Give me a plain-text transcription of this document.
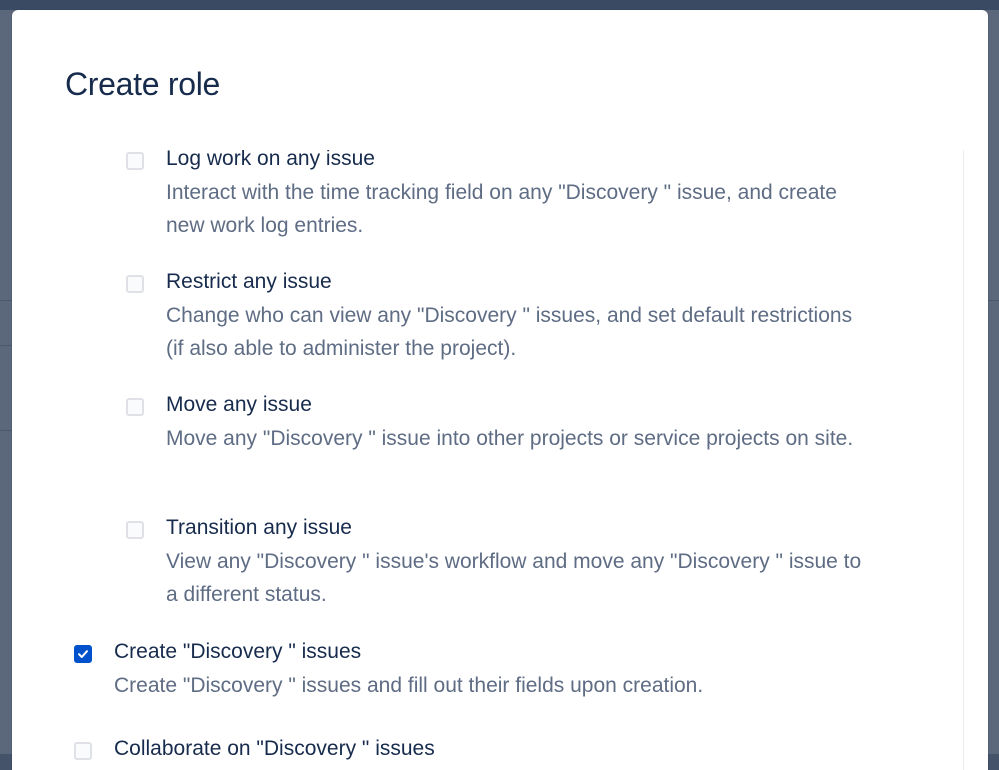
Create role
Log work on any issue
Interact with the time tracking field on any "Discovery " issue, and create new work log entries.
Restrict any issue
Change who can view any "Discovery " issues, and set default restrictions (if also able to administer the project).
Move any issue
Move any "Discovery " issue into other projects or service projects on site.
Transition any issue
View any "Discovery " issue's workflow and move any "Discovery " issue to a different status.
Create "Discovery " issues
Create "Discovery " issues and fill out their fields upon creation.
Collaborate on "Discovery " issues
